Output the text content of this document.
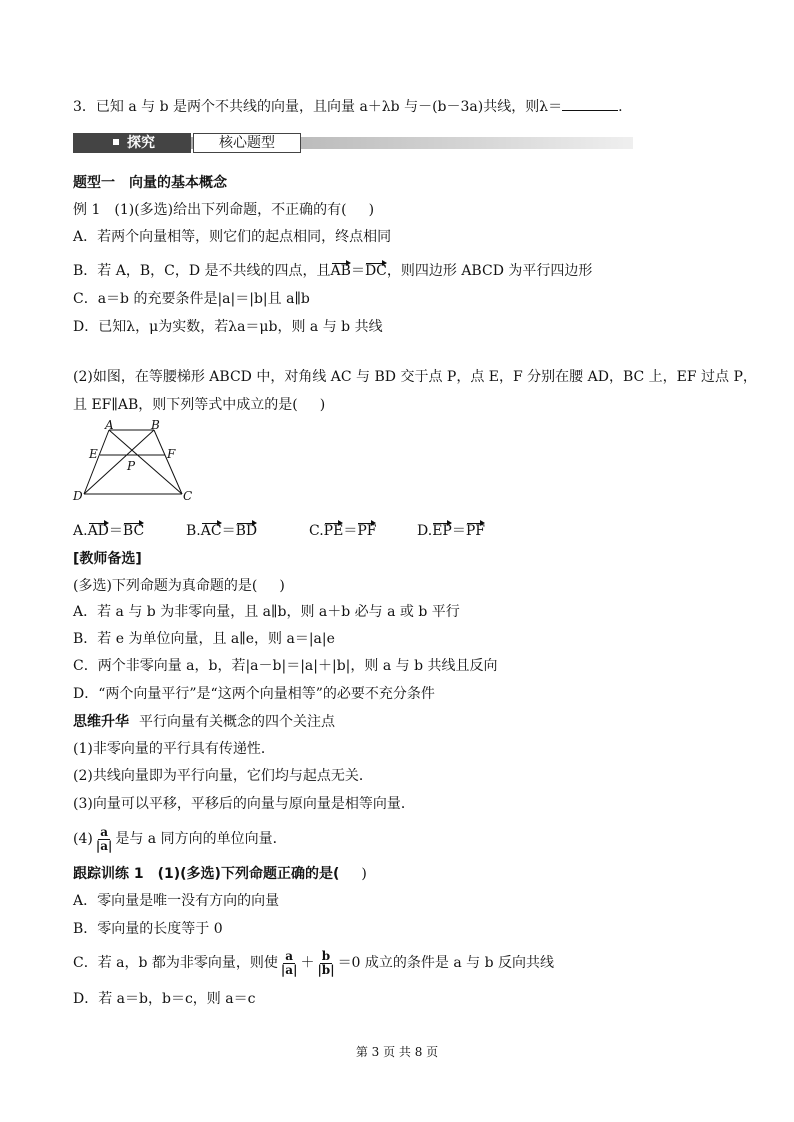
3．已知 a 与 b 是两个不共线的向量，且向量 a＋λb 与－(b－3a)共线，则λ＝	.
探究	核心题型
题型一　向量的基本概念
例 1　(1)(多选)给出下列命题，不正确的有( )
A．若两个向量相等，则它们的起点相同，终点相同
B．若 A，B，C，D 是不共线的四点，且AB＝DC，则四边形 ABCD 为平行四边形
C．a＝b 的充要条件是|a|＝|b|且 a∥b
D．已知λ，μ为实数，若λa＝μb，则 a 与 b 共线
(2)如图，在等腰梯形 ABCD 中，对角线 AC 与 BD 交于点 P，点 E，F 分别在腰 AD，BC 上，EF 过点 P，
且 EF∥AB，则下列等式中成立的是( )
A	B
C
D
E	F
P
A.AD＝BC	B.AC＝BD	C.PE＝PF	D.EP＝PF
[教师备选]
(多选)下列命题为真命题的是( )
A．若 a 与 b 为非零向量，且 a∥b，则 a＋b 必与 a 或 b 平行
B．若 e 为单位向量，且 a∥e，则 a＝|a|e
C．两个非零向量 a，b，若|a－b|＝|a|＋|b|，则 a 与 b 共线且反向
D．“两个向量平行”是“这两个向量相等”的必要不充分条件
思维升华 平行向量有关概念的四个关注点
(1)非零向量的平行具有传递性．
(2)共线向量即为平行向量，它们均与起点无关．
(3)向量可以平移，平移后的向量与原向量是相等向量．
$(4) \frac{a}{|a|}$ 是与 a 同方向的单位向量．
跟踪训练 1　(1)(多选)下列命题正确的是( )
A．零向量是唯一没有方向的向量
B．零向量的长度等于 0
C．若 a，b 都为非零向量，则使 $\frac{a}{|a|} + \frac{b}{|b|} =0$ 成立的条件是 a 与 b 反向共线
D．若 a＝b，b＝c，则 a＝c
第 3 页 共 8 页
